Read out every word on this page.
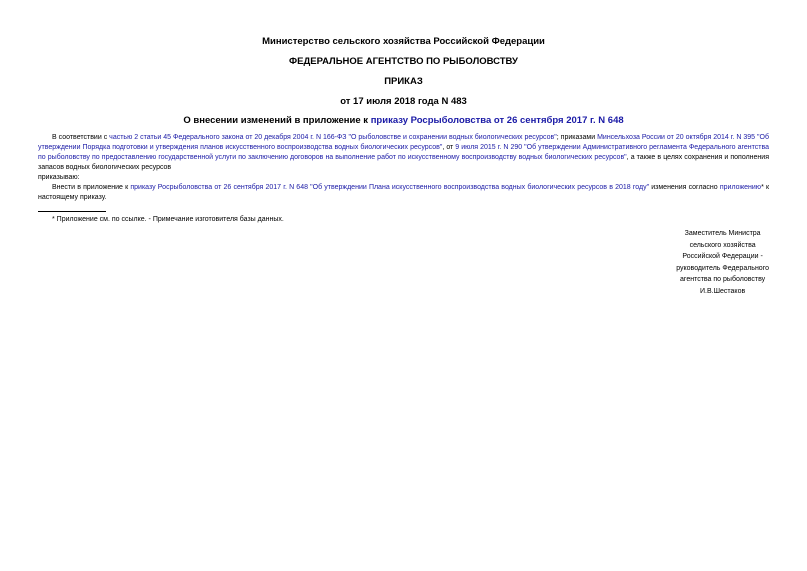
Министерство сельского хозяйства Российской Федерации
ФЕДЕРАЛЬНОЕ АГЕНТСТВО ПО РЫБОЛОВСТВУ
ПРИКАЗ
от 17 июля 2018 года N 483
О внесении изменений в приложение к приказу Росрыболовства от 26 сентября 2017 г. N 648

В соответствии с частью 2 статьи 45 Федерального закона от 20 декабря 2004 г. N 166-ФЗ "О рыболовстве и сохранении водных биологических ресурсов"; приказами Минсельхоза России от 20 октября 2014 г. N 395 "Об утверждении Порядка подготовки и утверждения планов искусственного воспроизводства водных биологических ресурсов", от 9 июля 2015 г. N 290 "Об утверждении Административного регламента Федерального агентства по рыболовству по предоставлению государственной услуги по заключению договоров на выполнение работ по искусственному воспроизводству водных биологических ресурсов", а также в целях сохранения и пополнения запасов водных биологических ресурсов

приказываю:

Внести в приложение к приказу Росрыболовства от 26 сентября 2017 г. N 648 "Об утверждении Плана искусственного воспроизводства водных биологических ресурсов в 2018 году" изменения согласно приложению* к настоящему приказу.

* Приложение см. по ссылке. - Примечание изготовителя базы данных.
Заместитель Министра
сельского хозяйства
Российской Федерации -
руководитель Федерального
агентства по рыболовству
И.В.Шестаков
